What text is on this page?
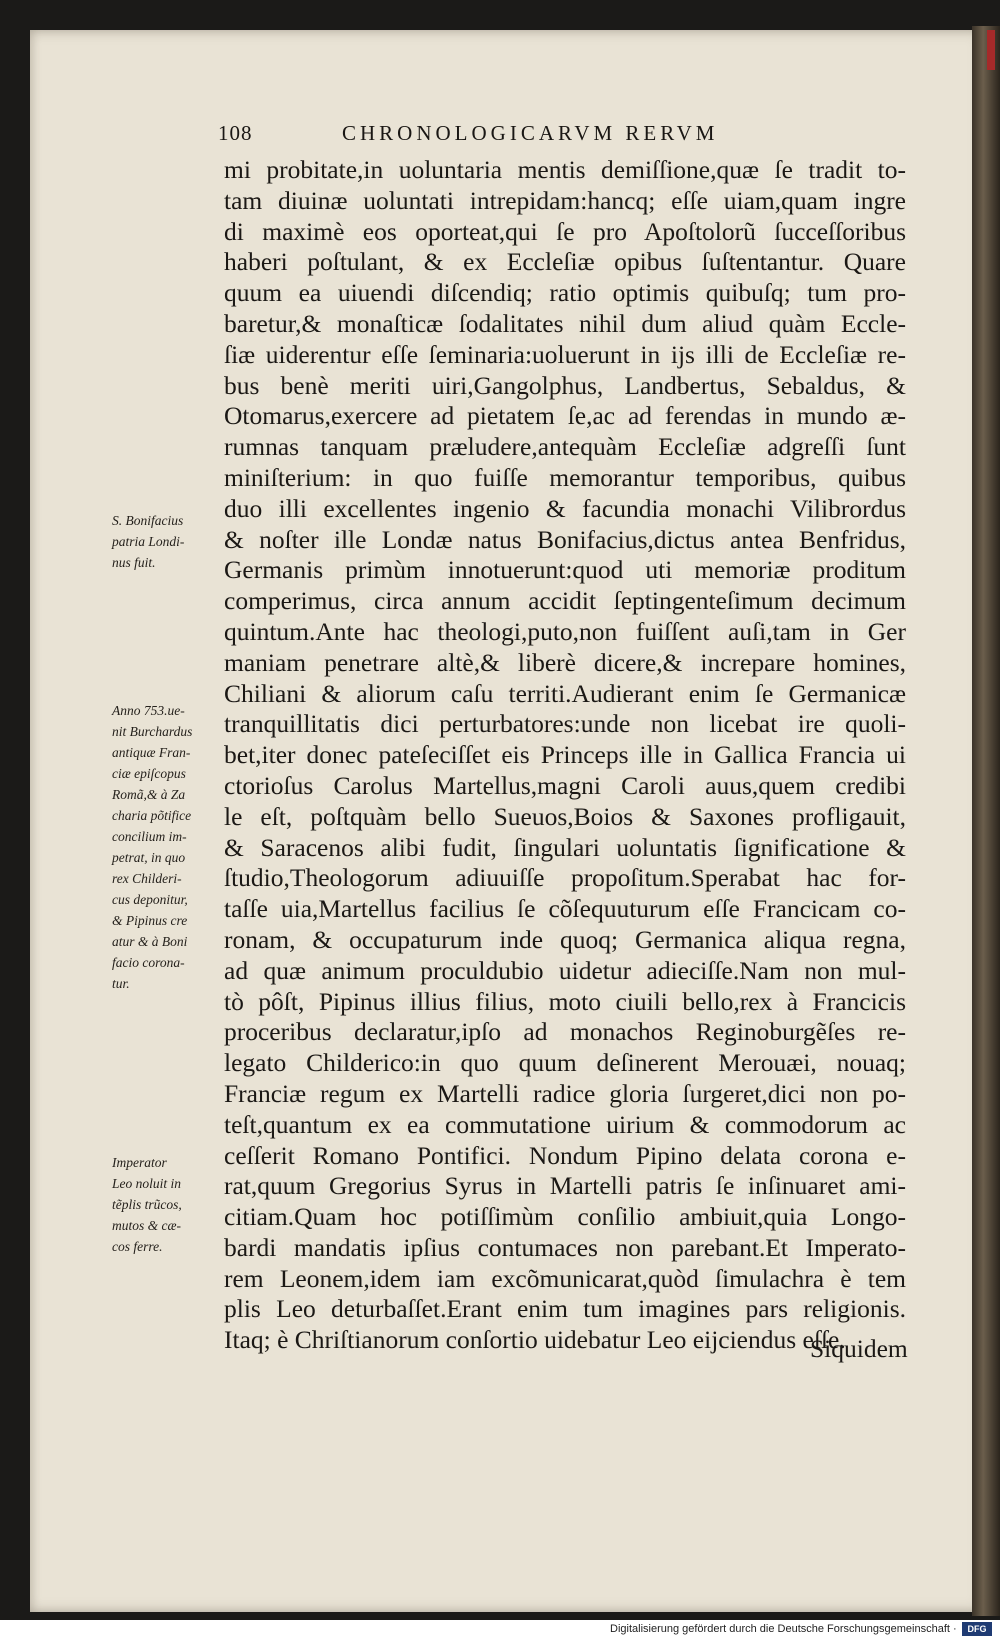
108	CHRONOLOGICARVM RERVM
mi probitate,in uoluntaria mentis demiſſione,quæ ſe tradit to-
tam diuinæ uoluntati intrepidam:hancq; eſſe uiam,quam ingre
di maximè eos oporteat,qui ſe pro Apoſtolorũ ſucceſſoribus
haberi poſtulant, & ex Eccleſiæ opibus ſuſtentantur. Quare
quum ea uiuendi diſcendiq; ratio optimis quibuſq; tum pro-
baretur,& monaſticæ ſodalitates nihil dum aliud quàm Eccle-
ſiæ uiderentur eſſe ſeminaria:uoluerunt in ijs illi de Eccleſiæ re-
bus benè meriti uiri,Gangolphus, Landbertus, Sebaldus, &
Otomarus,exercere ad pietatem ſe,ac ad ferendas in mundo æ-
rumnas tanquam præludere,antequàm Eccleſiæ adgreſſi ſunt
miniſterium: in quo fuiſſe memorantur temporibus, quibus
duo illi excellentes ingenio & facundia monachi Vilibrordus
& noſter ille Londæ natus Bonifacius,dictus antea Benfridus,
Germanis primùm innotuerunt:quod uti memoriæ proditum
comperimus, circa annum accidit ſeptingenteſimum decimum
quintum.Ante hac theologi,puto,non fuiſſent auſi,tam in Ger
maniam penetrare altè,& liberè dicere,& increpare homines,
Chiliani & aliorum caſu territi.Audierant enim ſe Germanicæ
tranquillitatis dici perturbatores:unde non licebat ire quoli-
bet,iter donec pateſeciſſet eis Princeps ille in Gallica Francia ui
ctorioſus Carolus Martellus,magni Caroli auus,quem credibi
le eſt, poſtquàm bello Sueuos,Boios & Saxones profligauit,
& Saracenos alibi fudit, ſingulari uoluntatis ſignificatione &
ſtudio,Theologorum adiuuiſſe propoſitum.Sperabat hac for-
taſſe uia,Martellus facilius ſe cõſequuturum eſſe Francicam co-
ronam, & occupaturum inde quoq; Germanica aliqua regna,
ad quæ animum proculdubio uidetur adieciſſe.Nam non mul-
tò pôſt, Pipinus illius filius, moto ciuili bello,rex à Francicis
proceribus declaratur,ipſo ad monachos Reginoburgẽſes re-
legato Childerico:in quo quum deſinerent Merouæi, nouaq;
Franciæ regum ex Martelli radice gloria ſurgeret,dici non po-
teſt,quantum ex ea commutatione uirium & commodorum ac
ceſſerit Romano Pontifici. Nondum Pipino delata corona e-
rat,quum Gregorius Syrus in Martelli patris ſe inſinuaret ami-
citiam.Quam hoc potiſſimùm conſilio ambiuit,quia Longo-
bardi mandatis ipſius contumaces non parebant.Et Imperato-
rem Leonem,idem iam excõmunicarat,quòd ſimulachra è tem
plis Leo deturbaſſet.Erant enim tum imagines pars religionis.
Itaq; è Chriſtianorum conſortio uidebatur Leo eijciendus eſſe.
Siquidem
S. Bonifacius
patria Londi-
nus fuit.
Anno 753.ue-
nit Burchardus
antiquæ Fran-
ciæ epiſcopus
Romã,& à Za
charia põtifice
concilium im-
petrat, in quo
rex Childeri-
cus deponitur,
& Pipinus cre
atur & à Boni
facio corona-
tur.
Imperator
Leo noluit in
tẽplis trũcos,
mutos & cæ-
cos ferre.
Digitalisierung gefördert durch die Deutsche Forschungsgemeinschaft ·	DFG
